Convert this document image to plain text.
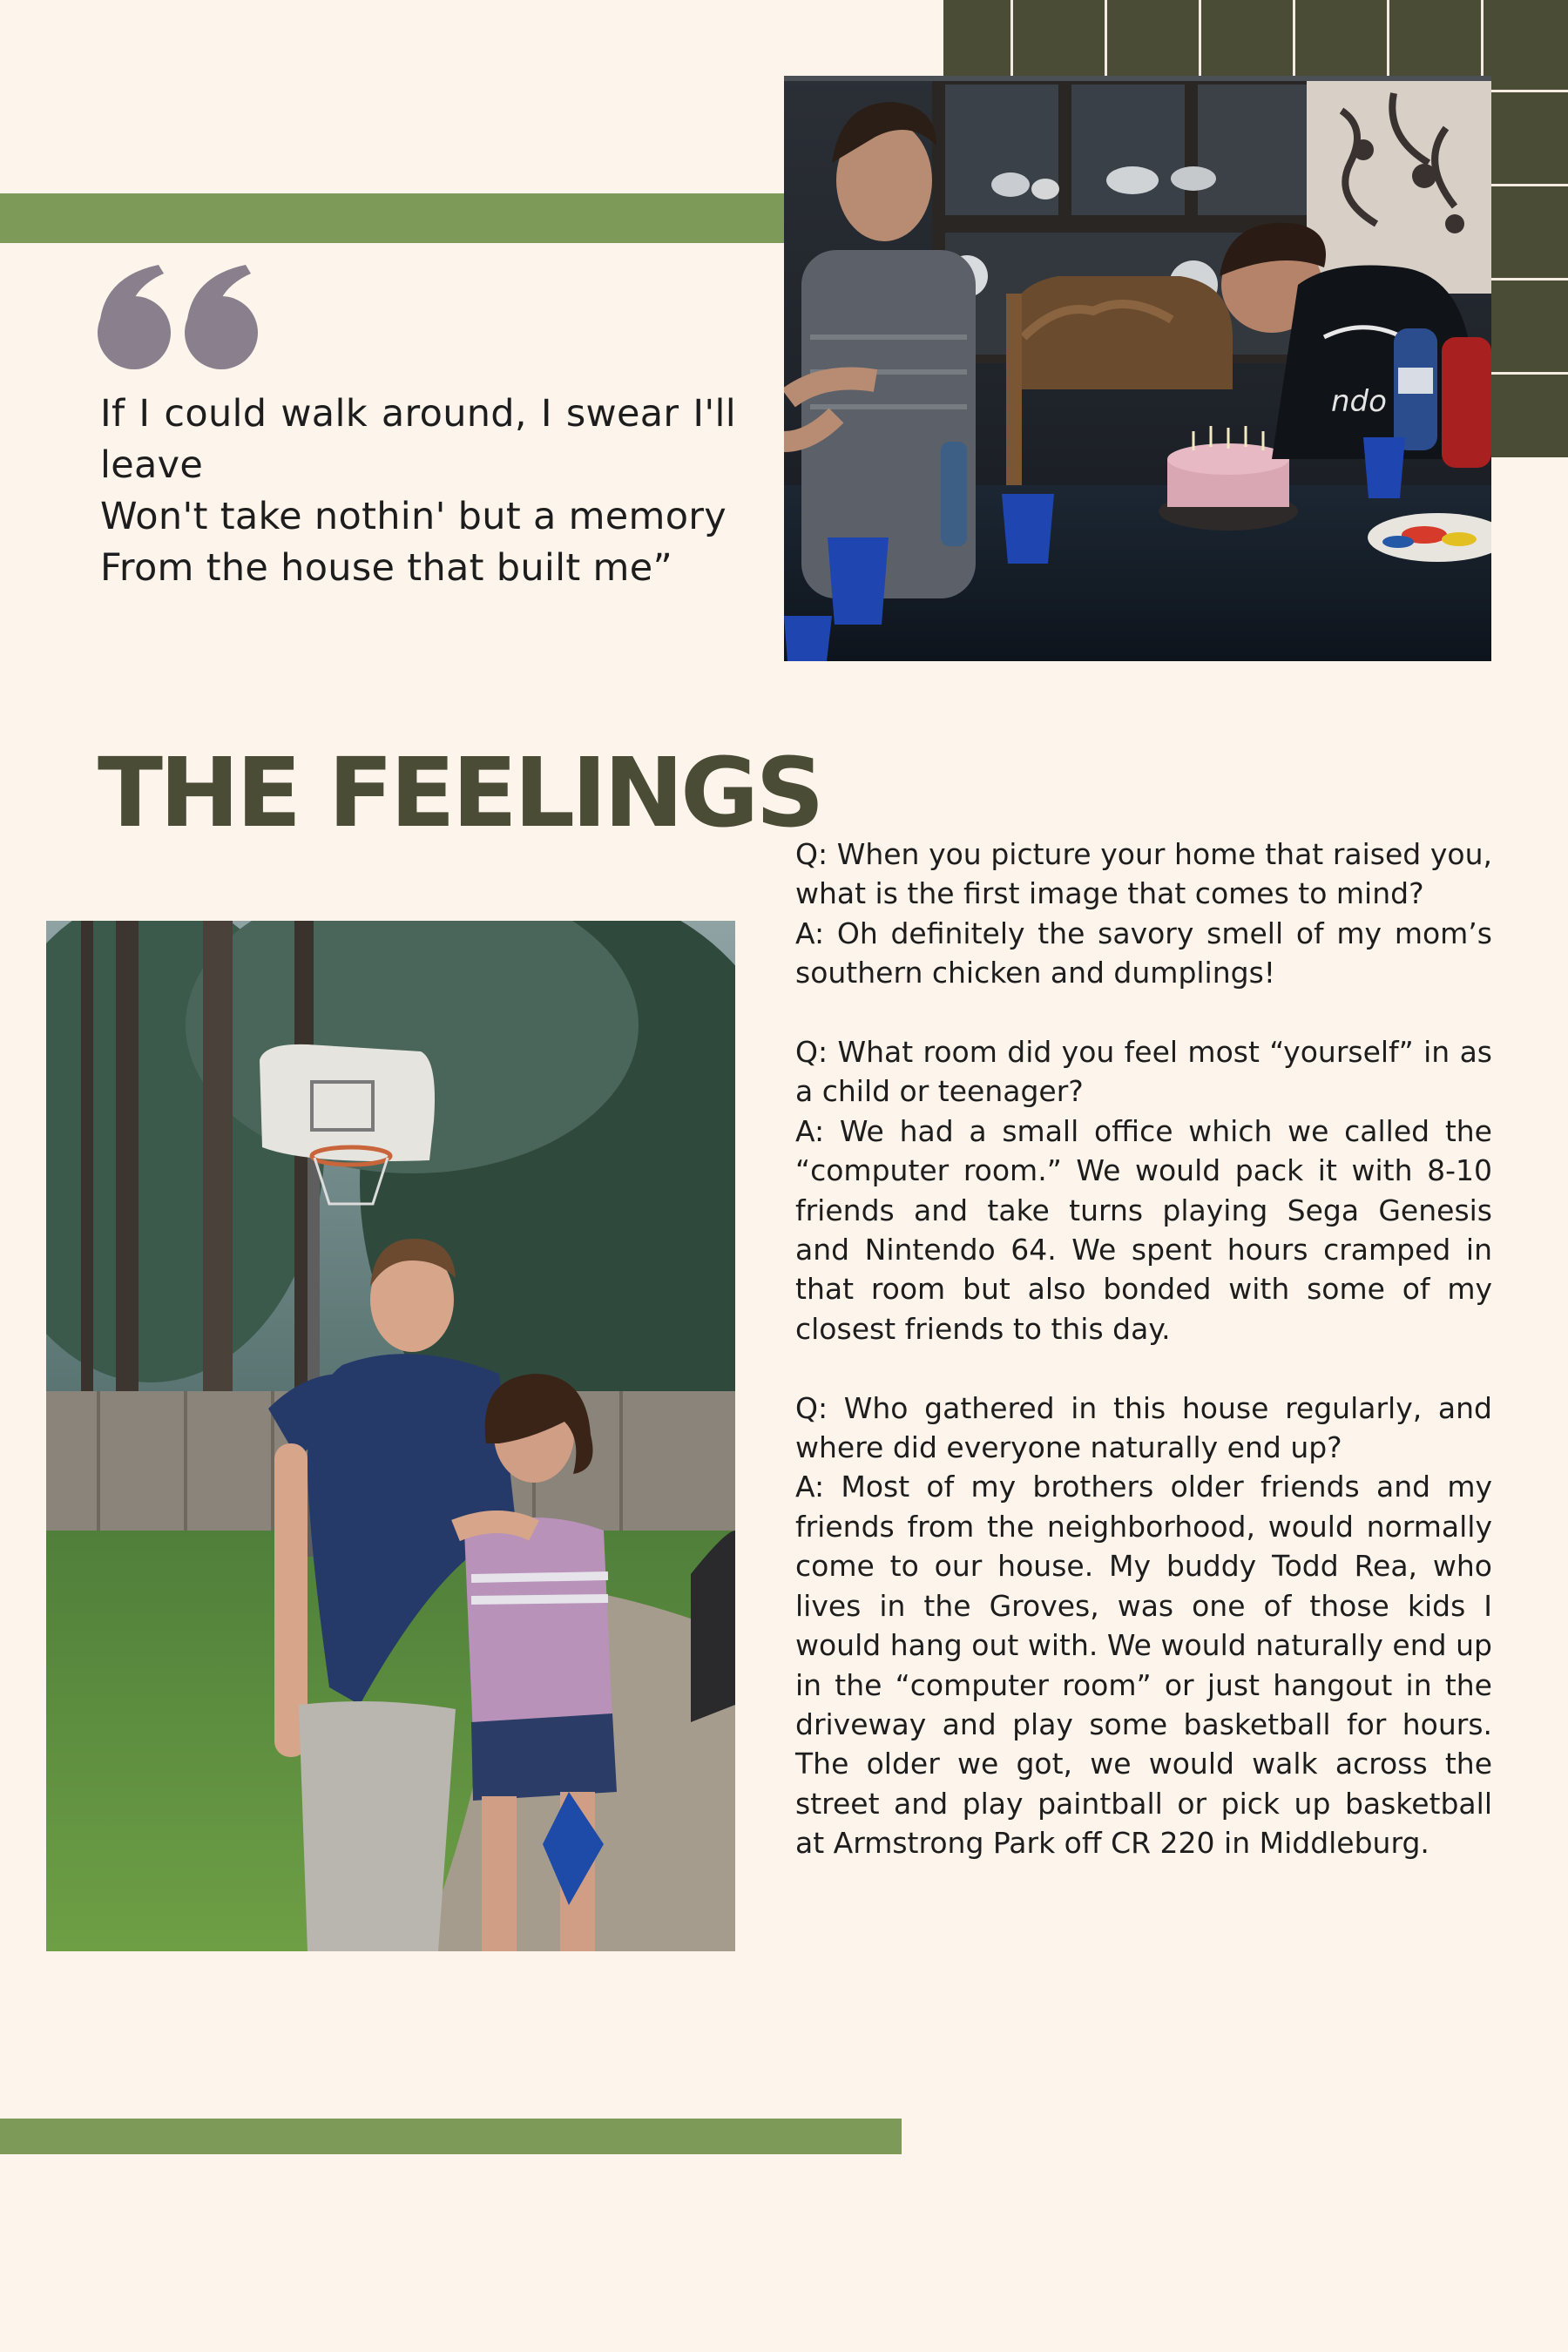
ndo
If I could walk around, I swear I'll leave
Won't take nothin' but a memory
From the house that built me”
THE FEELINGS

Q: When you picture your home that raised you, what is the first image that comes to mind?

A: Oh definitely the savory smell of my mom’s southern chicken and dumplings!

Q: What room did you feel most “yourself” in as a child or teenager?

A: We had a small office which we called the “computer room.” We would pack it with 8-10 friends and take turns playing Sega Genesis and Nintendo 64. We spent hours cramped in that room but also bonded with some of my closest friends to this day.

Q: Who gathered in this house regularly, and where did everyone naturally end up?

A: Most of my brothers older friends and my friends from the neighborhood, would normally come to our house. My buddy Todd Rea, who lives in the Groves, was one of those kids I would hang out with. We would naturally end up in the “computer room” or just hangout in the driveway and play some basketball for hours. The older we got, we would walk across the street and play paintball or pick up basketball at Armstrong Park off CR 220 in Middleburg.
